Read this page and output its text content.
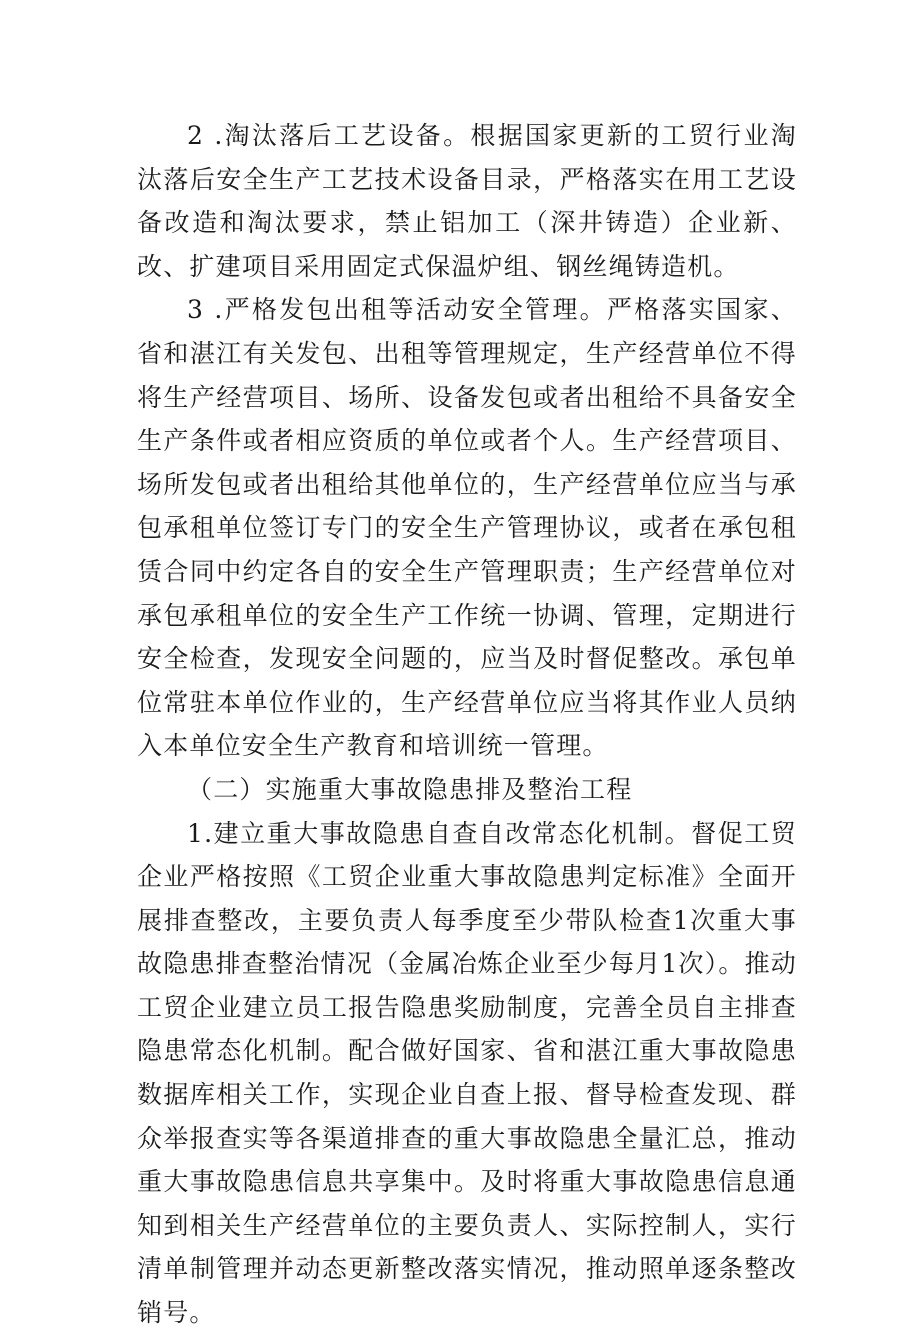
2 .淘汰落后工艺设备。根据国家更新的工贸行业淘汰落后安全生产工艺技术设备目录，严格落实在用工艺设备改造和淘汰要求，禁止铝加工（深井铸造）企业新、改、扩建项目采用固定式保温炉组、钢丝绳铸造机。

3 .严格发包出租等活动安全管理。严格落实国家、省和湛江有关发包、出租等管理规定，生产经营单位不得将生产经营项目、场所、设备发包或者出租给不具备安全生产条件或者相应资质的单位或者个人。生产经营项目、场所发包或者出租给其他单位的，生产经营单位应当与承包承租单位签订专门的安全生产管理协议，或者在承包租赁合同中约定各自的安全生产管理职责；生产经营单位对承包承租单位的安全生产工作统一协调、管理，定期进行安全检查，发现安全问题的，应当及时督促整改。承包单位常驻本单位作业的，生产经营单位应当将其作业人员纳入本单位安全生产教育和培训统一管理。

（二）实施重大事故隐患排及整治工程

1.建立重大事故隐患自查自改常态化机制。督促工贸企业严格按照《工贸企业重大事故隐患判定标准》全面开展排查整改，主要负责人每季度至少带队检查1次重大事故隐患排查整治情况（金属冶炼企业至少每月1次）。推动工贸企业建立员工报告隐患奖励制度，完善全员自主排查隐患常态化机制。配合做好国家、省和湛江重大事故隐患数据库相关工作，实现企业自查上报、督导检查发现、群众举报查实等各渠道排查的重大事故隐患全量汇总，推动重大事故隐患信息共享集中。及时将重大事故隐患信息通知到相关生产经营单位的主要负责人、实际控制人，实行清单制管理并动态更新整改落实情况，推动照单逐条整改销号。
